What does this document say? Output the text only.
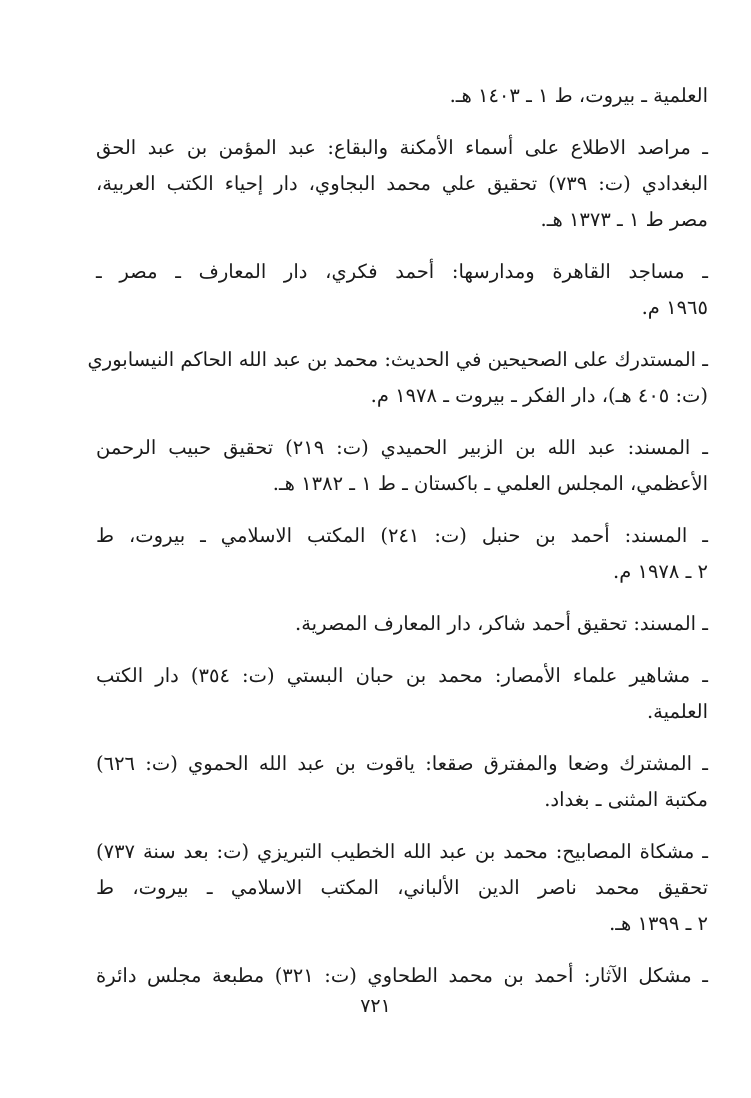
العلمية ـ بيروت، ط ١ ـ ١٤٠٣ هـ.
ـ مراصد الاطلاع على أسماء الأمكنة والبقاع: عبد المؤمن بن عبد الحق
البغدادي (ت: ٧٣٩) تحقيق علي محمد البجاوي، دار إحياء الكتب العربية،
مصر ط ١ ـ ١٣٧٣ هـ.
ـ مساجد القاهرة ومدارسها: أحمد فكري، دار المعارف ـ مصر ـ
١٩٦٥ م.
ـ المستدرك على الصحيحين في الحديث: محمد بن عبد الله الحاكم النيسابوري
(ت: ٤٠٥ هـ)، دار الفكر ـ بيروت ـ ١٩٧٨ م.
ـ المسند: عبد الله بن الزبير الحميدي (ت: ٢١٩) تحقيق حبيب الرحمن
الأعظمي، المجلس العلمي ـ باكستان ـ ط ١ ـ ١٣٨٢ هـ.
ـ المسند: أحمد بن حنبل (ت: ٢٤١) المكتب الاسلامي ـ بيروت، ط
٢ ـ ١٩٧٨ م.
ـ المسند: تحقيق أحمد شاكر، دار المعارف المصرية.
ـ مشاهير علماء الأمصار: محمد بن حبان البستي (ت: ٣٥٤) دار الكتب
العلمية.
ـ المشترك وضعا والمفترق صقعا: ياقوت بن عبد الله الحموي (ت: ٦٢٦)
مكتبة المثنى ـ بغداد.
ـ مشكاة المصابيح: محمد بن عبد الله الخطيب التبريزي (ت: بعد سنة ٧٣٧)
تحقيق محمد ناصر الدين الألباني، المكتب الاسلامي ـ بيروت، ط
٢ ـ ١٣٩٩ هـ.
ـ مشكل الآثار: أحمد بن محمد الطحاوي (ت: ٣٢١) مطبعة مجلس دائرة
٧٢١
